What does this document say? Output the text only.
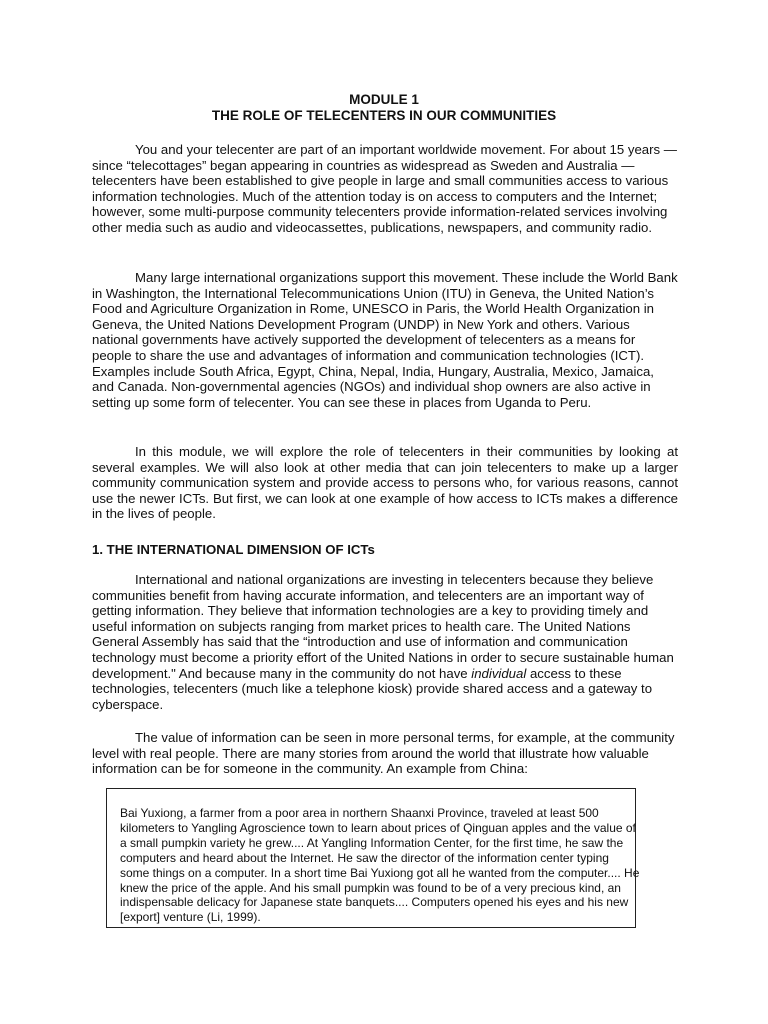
MODULE 1
THE ROLE OF TELECENTERS IN OUR COMMUNITIES

You and your telecenter are part of an important worldwide movement. For about 15 years — since “telecottages” began appearing in countries as widespread as Sweden and Australia — telecenters have been established to give people in large and small communities access to various information technologies. Much of the attention today is on access to computers and the Internet; however, some multi-purpose community telecenters provide information-related services involving other media such as audio and videocassettes, publications, newspapers, and community radio.

Many large international organizations support this movement. These include the World Bank in Washington, the International Telecommunications Union (ITU) in Geneva, the United Nation’s Food and Agriculture Organization in Rome, UNESCO in Paris, the World Health Organization in Geneva, the United Nations Development Program (UNDP) in New York and others. Various national governments have actively supported the development of telecenters as a means for people to share the use and advantages of information and communication technologies (ICT). Examples include South Africa, Egypt, China, Nepal, India, Hungary, Australia, Mexico, Jamaica, and Canada. Non-governmental agencies (NGOs) and individual shop owners are also active in setting up some form of telecenter. You can see these in places from Uganda to Peru.

In this module, we will explore the role of telecenters in their communities by looking at several examples. We will also look at other media that can join telecenters to make up a larger community communication system and provide access to persons who, for various reasons, cannot use the newer ICTs. But first, we can look at one example of how access to ICTs makes a difference in the lives of people.

1. THE INTERNATIONAL DIMENSION OF ICTs

International and national organizations are investing in telecenters because they believe communities benefit from having accurate information, and telecenters are an important way of getting information. They believe that information technologies are a key to providing timely and useful information on subjects ranging from market prices to health care. The United Nations General Assembly has said that the “introduction and use of information and communication technology must become a priority effort of the United Nations in order to secure sustainable human development." And because many in the community do not have individual access to these technologies, telecenters (much like a telephone kiosk) provide shared access and a gateway to cyberspace.

The value of information can be seen in more personal terms, for example, at the community level with real people. There are many stories from around the world that illustrate how valuable information can be for someone in the community. An example from China:

Bai Yuxiong, a farmer from a poor area in northern Shaanxi Province, traveled at least 500 kilometers to Yangling Agroscience town to learn about prices of Qinguan apples and the value of a small pumpkin variety he grew.... At Yangling Information Center, for the first time, he saw the computers and heard about the Internet. He saw the director of the information center typing some things on a computer. In a short time Bai Yuxiong got all he wanted from the computer.... He knew the price of the apple. And his small pumpkin was found to be of a very precious kind, an indispensable delicacy for Japanese state banquets.... Computers opened his eyes and his new [export] venture (Li, 1999).
